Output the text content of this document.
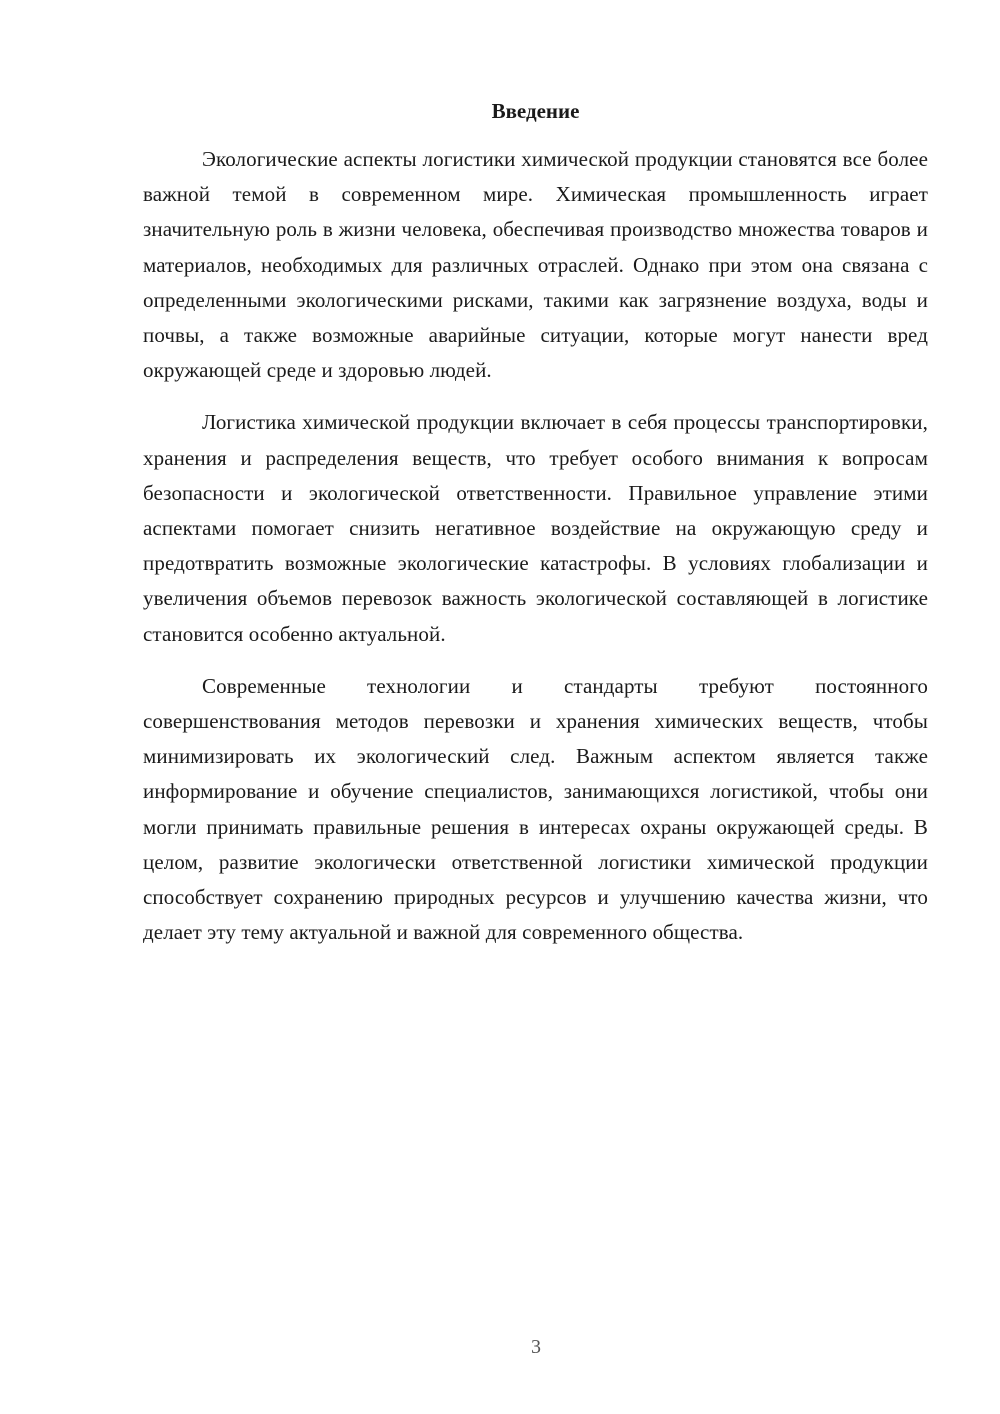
Введение

Экологические аспекты логистики химической продукции становятся все более важной темой в современном мире. Химическая промышленность играет значительную роль в жизни человека, обеспечивая производство множества товаров и материалов, необходимых для различных отраслей. Однако при этом она связана с определенными экологическими рисками, такими как загрязнение воздуха, воды и почвы, а также возможные аварийные ситуации, которые могут нанести вред окружающей среде и здоровью людей.

Логистика химической продукции включает в себя процессы транспортировки, хранения и распределения веществ, что требует особого внимания к вопросам безопасности и экологической ответственности. Правильное управление этими аспектами помогает снизить негативное воздействие на окружающую среду и предотвратить возможные экологические катастрофы. В условиях глобализации и увеличения объемов перевозок важность экологической составляющей в логистике становится особенно актуальной.

Современные технологии и стандарты требуют постоянного совершенствования методов перевозки и хранения химических веществ, чтобы минимизировать их экологический след. Важным аспектом является также информирование и обучение специалистов, занимающихся логистикой, чтобы они могли принимать правильные решения в интересах охраны окружающей среды. В целом, развитие экологически ответственной логистики химической продукции способствует сохранению природных ресурсов и улучшению качества жизни, что делает эту тему актуальной и важной для современного общества.

3
